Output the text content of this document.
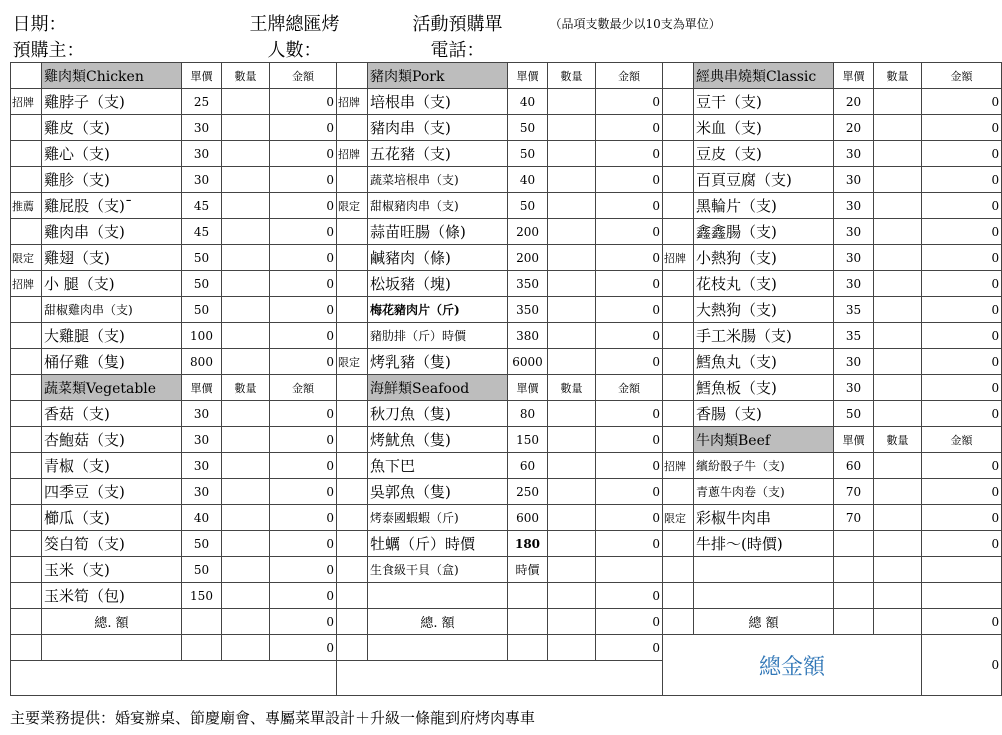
日期：			王牌總匯烤			活動預購單		（品項支數最少以10支為單位）						
預購主：			人數：			電話：								
	雞肉類Chicken	單價	數量	金額		豬肉類Pork	單價	數量	金額		經典串燒類Classic	單價	數量	金額
招牌	雞脖子（支)	25		0	招牌	培根串（支)	40		0		豆干（支)	20		0
	雞皮（支)	30		0		豬肉串（支)	50		0		米血（支)	20		0
	雞心（支)	30		0	招牌	五花豬（支)	50		0		豆皮（支)	30		0
	雞胗（支)	30		0		蔬菜培根串（支)	40		0		百頁豆腐（支)	30		0
推薦	雞屁股（支)¯	45		0	限定	甜椒豬肉串（支)	50		0		黑輪片（支)	30		0
	雞肉串（支)	45		0		蒜苗旺腸（條)	200		0		鑫鑫腸（支)	30		0
限定	雞翅（支)	50		0		鹹豬肉（條)	200		0	招牌	小熱狗（支)	30		0
招牌	小 腿（支)	50		0		松坂豬（塊)	350		0		花枝丸（支)	30		0
	甜椒雞肉串（支)	50		0		梅花豬肉片（斤)	350		0		大熱狗（支)	35		0
	大雞腿（支)	100		0		豬肋排（斤）時價	380		0		手工米腸（支)	35		0
	桶仔雞（隻)	800		0	限定	烤乳豬（隻)	6000		0		鱈魚丸（支)	30		0
	蔬菜類Vegetable	單價	數量	金額		海鮮類Seafood	單價	數量	金額		鱈魚板（支)	30		0
	香菇（支)	30		0		秋刀魚（隻)	80		0		香腸（支)	50		0
	杏鮑菇（支)	30		0		烤魷魚（隻)	150		0		牛肉類Beef	單價	數量	金額
	青椒（支)	30		0		魚下巴	60		0	招牌	繽紛骰子牛（支)	60		0
	四季豆（支)	30		0		吳郭魚（隻)	250		0		青蔥牛肉卷（支)	70		0
	櫛瓜（支)	40		0		烤泰國蝦蝦（斤)	600		0	限定	彩椒牛肉串	70		0
	筊白筍（支)	50		0		牡蠣（斤）時價	180		0		牛排～(時價)			0
	玉米（支)	50		0		生食級干貝（盒)	時價							
	玉米筍（包)	150		0					0					
	總. 額			0		總. 額			0		總 額			0
				0					0	總金額				0

主要業務提供：婚宴辦桌、節慶廟會、專屬菜單設計＋升級一條龍到府烤肉專車
